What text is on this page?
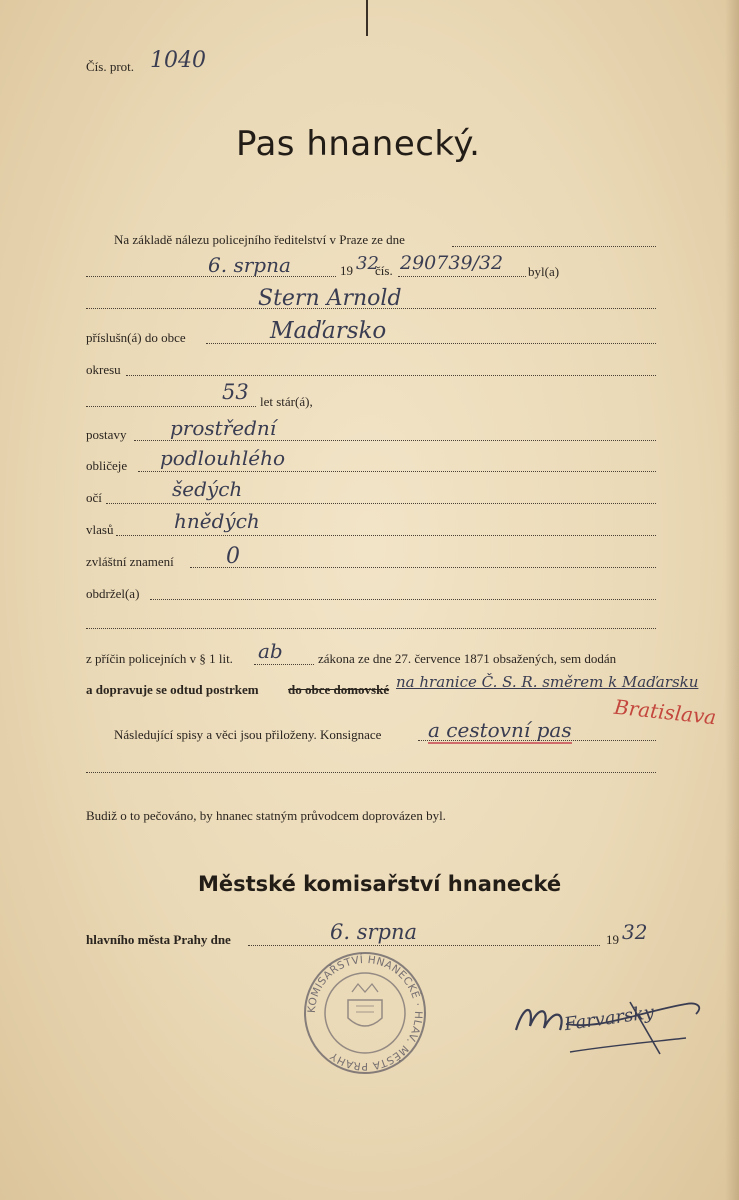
Čís. prot. 1040
Pas hnanecký.
Na základě nálezu policejního ředitelství v Praze ze dne
6. srpna	19 32
čís. 290739/32 byl(a)
Stern Arnold
příslušn(á) do obce	Maďarsko
okresu
53 let stár(á),
postavy prostřední
obličeje podlouhlého
očí	šedých
vlasů	hnědých
zvláštní znamení 0
obdržel(a)
z příčin policejních v § 1 lit. ab	zákona ze dne 27. července 1871 obsažených, sem dodán
a dopravuje se odtud postrkem do obce domovské na hranice Č. S. R. směrem k Maďarsku
Bratislava
Následující spisy a věci jsou přiloženy. Konsignace a cestovní pas
Budiž o to pečováno, by hnanec statným průvodcem doprovázen byl.
Městské komisařství hnanecké
hlavního města Prahy dne	6. srpna	19 32
KOMISAŘSTVÍ HNANECKÉ · HLAV. MĚSTA PRAHY
Farvarsky
